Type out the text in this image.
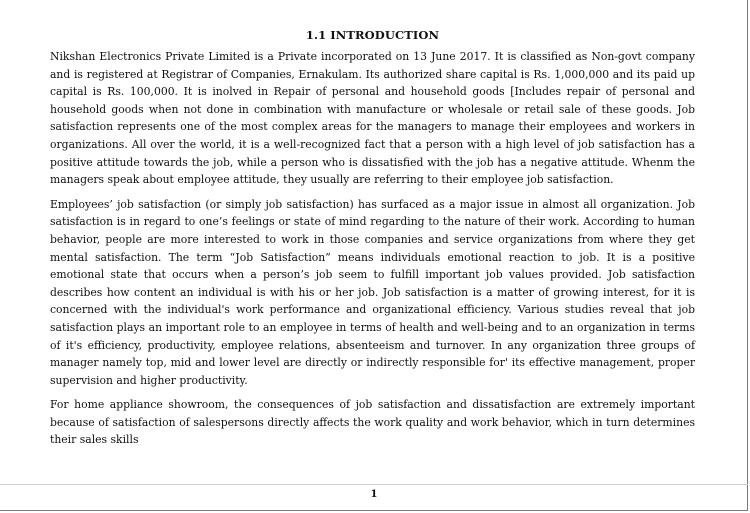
1.1 INTRODUCTION

Nikshan Electronics Private Limited is a Private incorporated on 13 June 2017. It is classified as Non-govt company and is registered at Registrar of Companies, Ernakulam. Its authorized share capital is Rs. 1,000,000 and its paid up capital is Rs. 100,000. It is inolved in Repair of personal and household goods [Includes repair of personal and household goods when not done in combination with manufacture or wholesale or retail sale of these goods. Job satisfaction represents one of the most complex areas for the managers to manage their employees and workers in organizations. All over the world, it is a well-recognized fact that a person with a high level of job satisfaction has a positive attitude towards the job, while a person who is dissatisfied with the job has a negative attitude. Whenm the managers speak about employee attitude, they usually are referring to their employee job satisfaction.

Employees’ job satisfaction (or simply job satisfaction) has surfaced as a major issue in almost all organization. Job satisfaction is in regard to one’s feelings or state of mind regarding to the nature of their work. According to human behavior, people are more interested to work in those companies and service organizations from where they get mental satisfaction. The term “Job Satisfaction” means individuals emotional reaction to job. It is a positive emotional state that occurs when a person’s job seem to fulfill important job values provided. Job satisfaction describes how content an individual is with his or her job. Job satisfaction is a matter of growing interest, for it is concerned with the individual's work performance and organizational efficiency. Various studies reveal that job satisfaction plays an important role to an employee in terms of health and well-being and to an organization in terms of it's efficiency, productivity, employee relations, absenteeism and turnover. In any organization three groups of manager namely top, mid and lower level are directly or indirectly responsible for' its effective management, proper supervision and higher productivity.

For home appliance showroom, the consequences of job satisfaction and dissatisfaction are extremely important because of satisfaction of salespersons directly affects the work quality and work behavior, which in turn determines their sales skills

1
